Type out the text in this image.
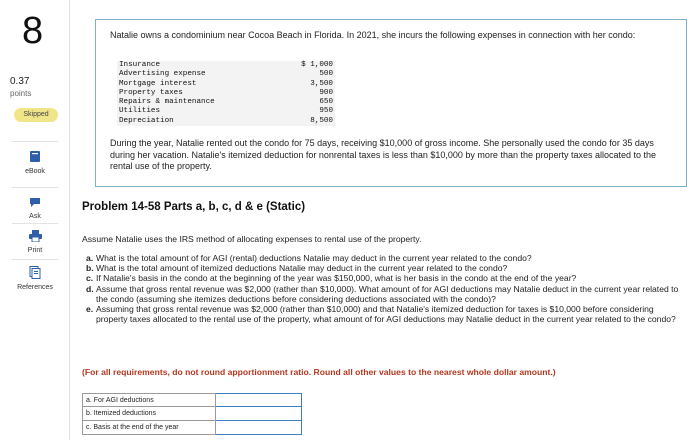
8
0.37
points
Skipped
eBook
Ask
Print
References
Natalie owns a condominium near Cocoa Beach in Florida. In 2021, she incurs the following expenses in connection with her condo:
Insurance	$ 1,000
Advertising expense	500
Mortgage interest	3,500
Property taxes	900
Repairs & maintenance	650
Utilities	950
Depreciation	8,500
During the year, Natalie rented out the condo for 75 days, receiving $10,000 of gross income. She personally used the condo for 35 days during her vacation. Natalie's itemized deduction for nonrental taxes is less than $10,000 by more than the property taxes allocated to the rental use of the property.
Problem 14-58 Parts a, b, c, d & e (Static)
Assume Natalie uses the IRS method of allocating expenses to rental use of the property.
a. What is the total amount of for AGI (rental) deductions Natalie may deduct in the current year related to the condo?
b. What is the total amount of itemized deductions Natalie may deduct in the current year related to the condo?
c. If Natalie's basis in the condo at the beginning of the year was $150,000, what is her basis in the condo at the end of the year?
d. Assume that gross rental revenue was $2,000 (rather than $10,000). What amount of for AGI deductions may Natalie deduct in the current year related to the condo (assuming she itemizes deductions before considering deductions associated with the condo)?
e. Assuming that gross rental revenue was $2,000 (rather than $10,000) and that Natalie's itemized deduction for taxes is $10,000 before considering property taxes allocated to the rental use of the property, what amount of for AGI deductions may Natalie deduct in the current year related to the condo?
(For all requirements, do not round apportionment ratio. Round all other values to the nearest whole dollar amount.)
a. For AGI deductions
b. Itemized deductions
c. Basis at the end of the year
